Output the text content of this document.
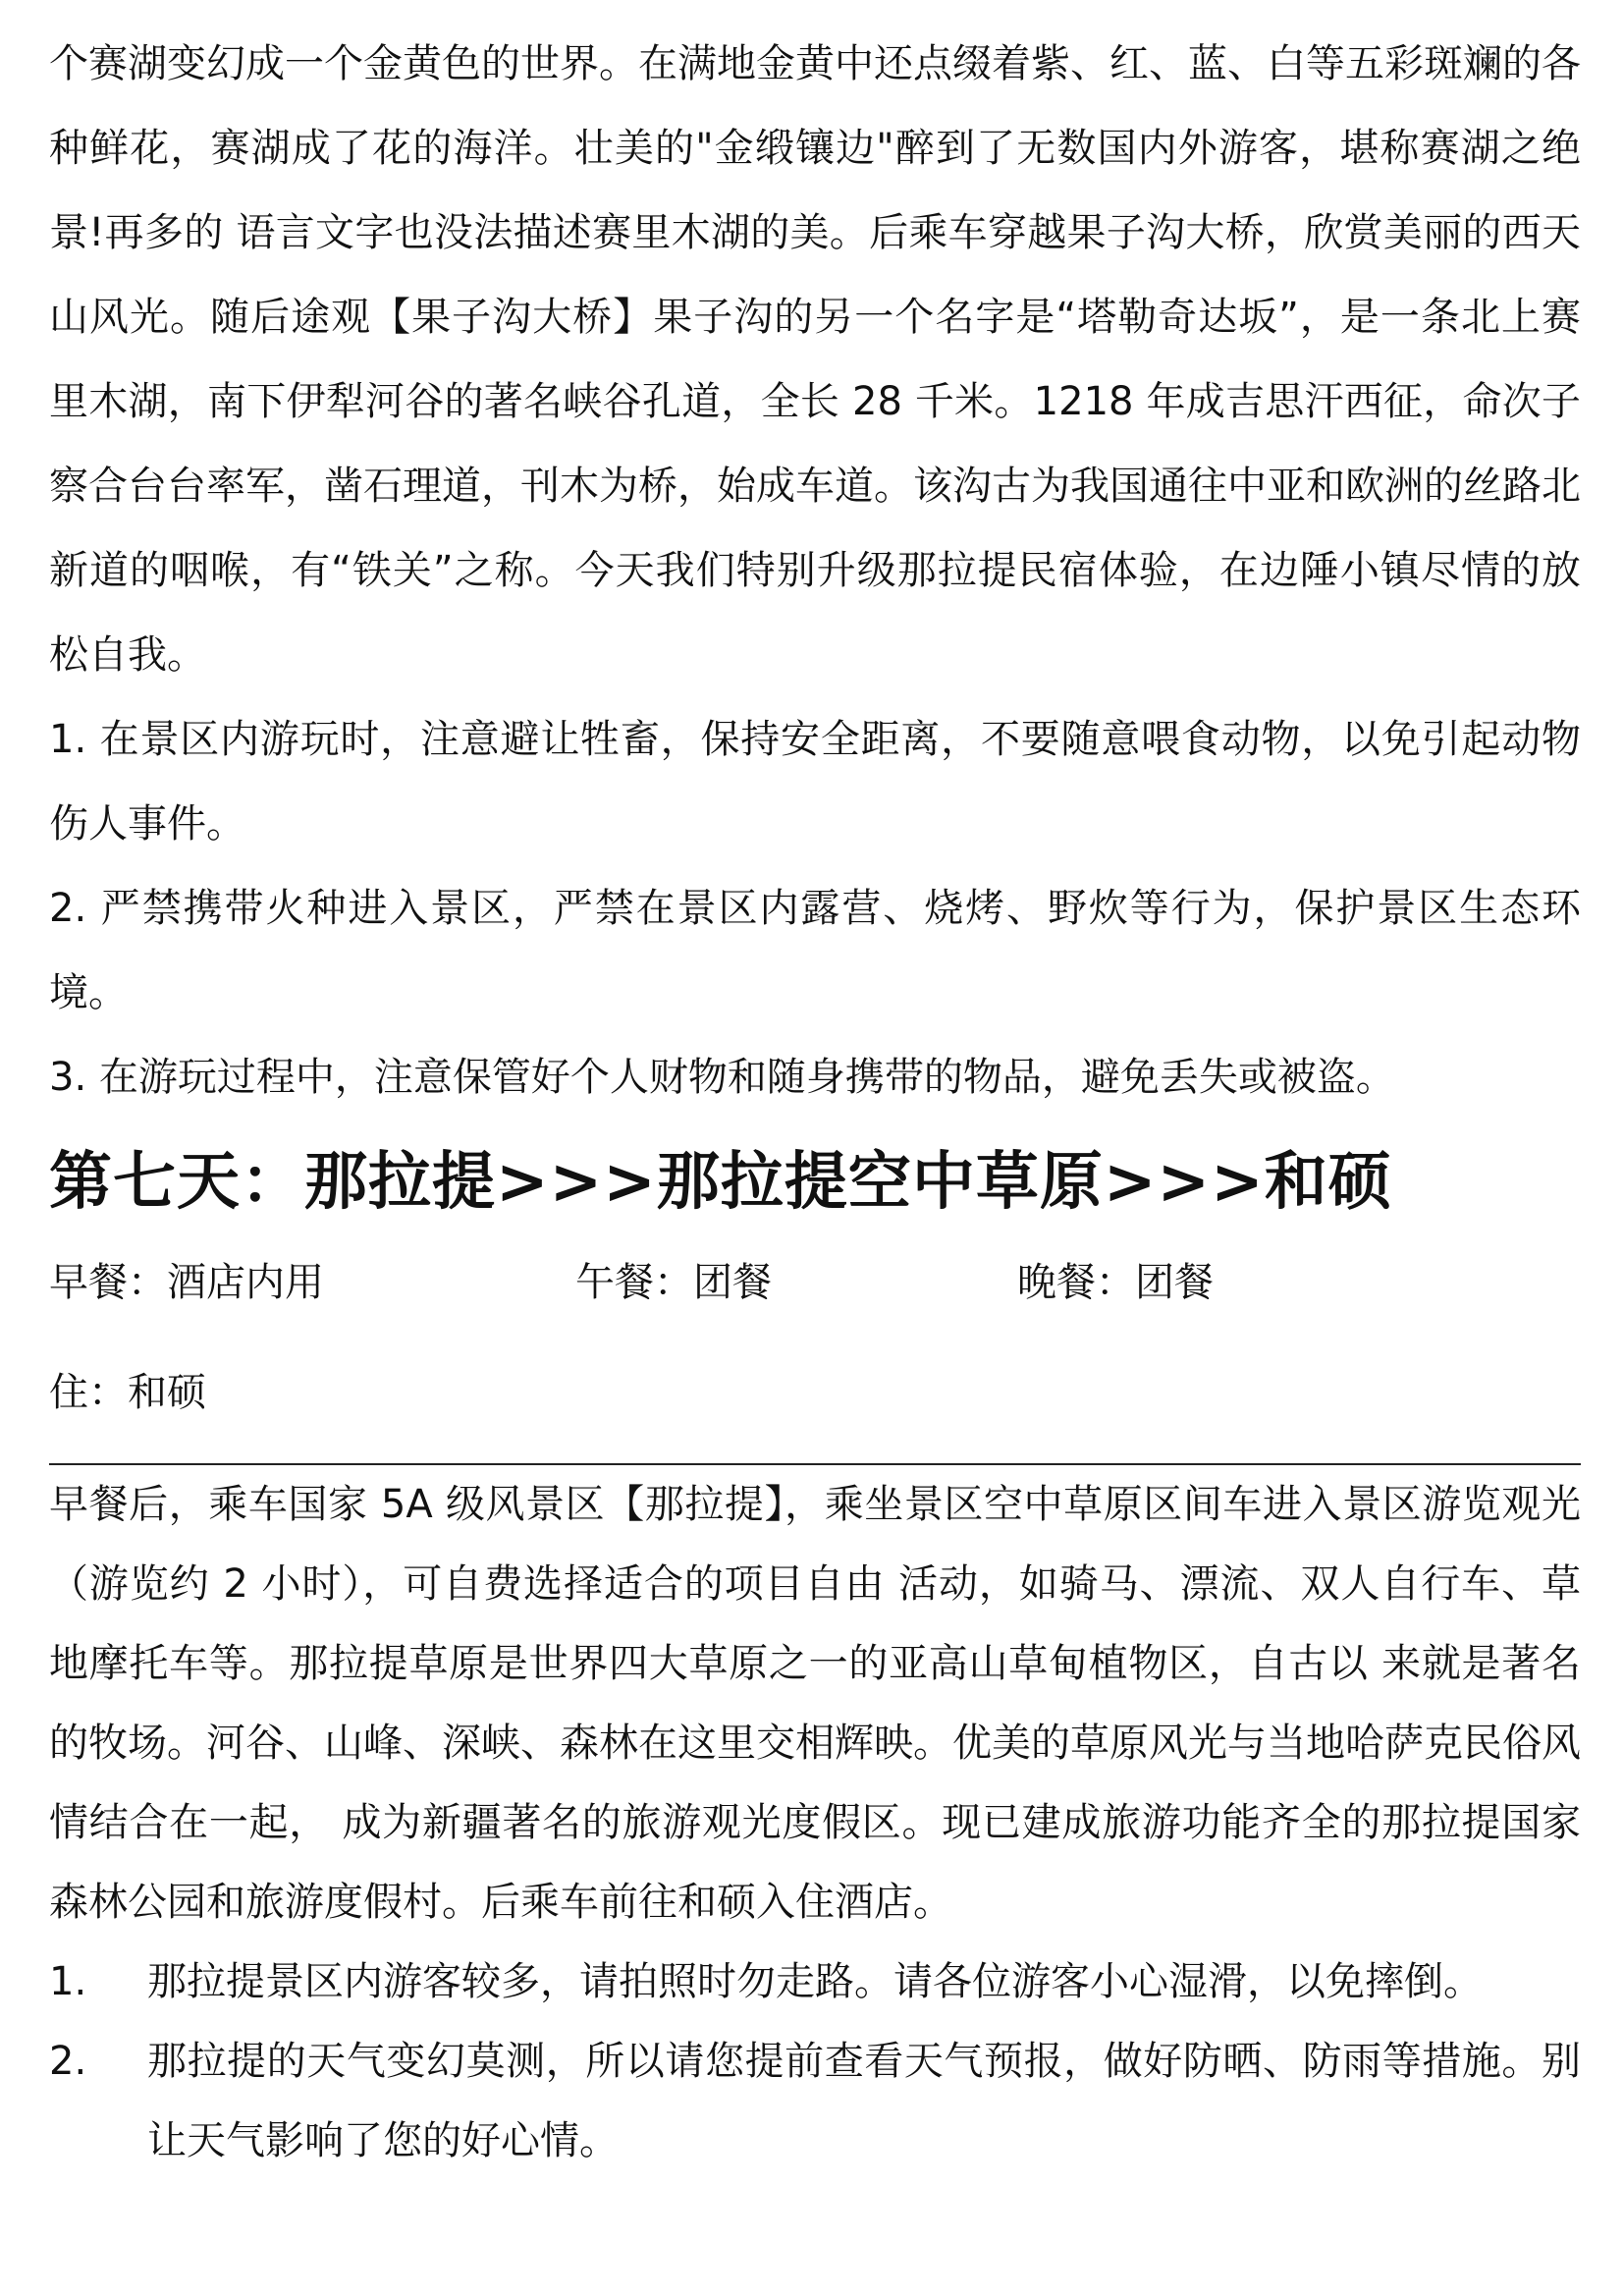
个赛湖变幻成一个金黄色的世界。在满地金黄中还点缀着紫、红、蓝、白等五彩斑斓的各种鲜花，赛湖成了花的海洋。壮美的"金缎镶边"醉到了无数国内外游客，堪称赛湖之绝景!再多的 语言文字也没法描述赛里木湖的美。后乘车穿越果子沟大桥，欣赏美丽的西天山风光。随后途观【果子沟大桥】果子沟的另一个名字是“塔勒奇达坂”，是一条北上赛里木湖，南下伊犁河谷的著名峡谷孔道，全长 28 千米。1218 年成吉思汗西征，命次子察合台台率军，凿石理道，刊木为桥，始成车道。该沟古为我国通往中亚和欧洲的丝路北新道的咽喉，有“铁关”之称。今天我们特别升级那拉提民宿体验，在边陲小镇尽情的放松自我。

1. 在景区内游玩时，注意避让牲畜，保持安全距离，不要随意喂食动物，以免引起动物伤人事件。

2. 严禁携带火种进入景区，严禁在景区内露营、烧烤、野炊等行为，保护景区生态环境。

3. 在游玩过程中，注意保管好个人财物和随身携带的物品，避免丢失或被盗。

第七天：那拉提>>>那拉提空中草原>>>和硕
早餐：酒店内用	午餐：团餐	晚餐：团餐

住：和硕

早餐后，乘车国家 5A 级风景区【那拉提】，乘坐景区空中草原区间车进入景区游览观光（游览约 2 小时），可自费选择适合的项目自由 活动，如骑马、漂流、双人自行车、草地摩托车等。那拉提草原是世界四大草原之一的亚高山草甸植物区，自古以 来就是著名的牧场。河谷、山峰、深峡、森林在这里交相辉映。优美的草原风光与当地哈萨克民俗风情结合在一起， 成为新疆著名的旅游观光度假区。现已建成旅游功能齐全的那拉提国家森林公园和旅游度假村。后乘车前往和硕入住酒店。

1.	那拉提景区内游客较多，请拍照时勿走路。请各位游客小心湿滑，以免摔倒。
2.	那拉提的天气变幻莫测，所以请您提前查看天气预报，做好防晒、防雨等措施。别让天气影响了您的好心情。
